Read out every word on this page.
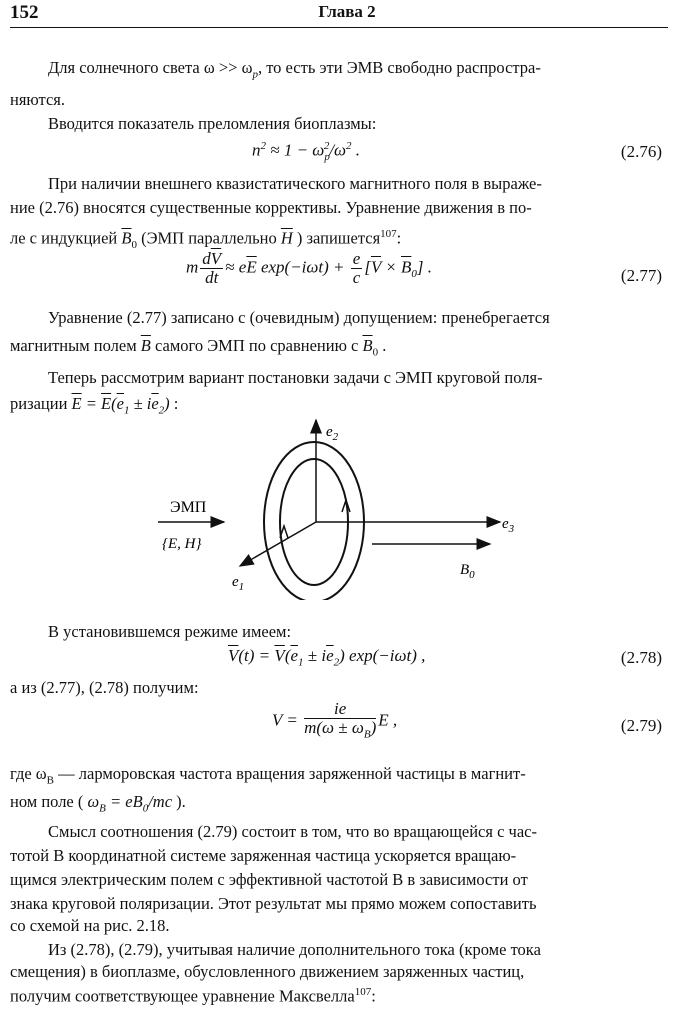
152	Глава 2
Для солнечного света $\omega >> \omega_p$, то есть эти ЭМВ свободно распростра-
няются.
Вводится показатель преломления биоплазмы:
$n^2 \approx 1 - \omega_p^2/\omega^2$ .	(2.76)
При наличии внешнего квазистатического магнитного поля в выраже-
ние (2.76) вносятся существенные коррективы. Уравнение движения в по-
ле с индукцией $\overline{B}_0$ (ЭМП параллельно $\overline{H}$ ) запишется$^{107}$:
m $\frac{d\overline{V}}{dt} \approx e\overline{E}$ $\exp(-i\omega t) + \frac{e}{c} [\overline{V} \times \overline{B}_0]$ .	(2.77)
Уравнение (2.77) записано с (очевидным) допущением: пренебрегается
магнитным полем $\overline{B}$ самого ЭМП по сравнению с $\overline{B}_0$ .
Теперь рассмотрим вариант постановки задачи с ЭМП круговой поля-
ризации $\overline{E} = \overline{E}(\overline{e}_1 \pm i\overline{e}_2)$ :
ЭМП
{E, H}
$e_2$
$e_3$
$e_1$
$B_0$
В установившемся режиме имеем:
$\overline{V}(t) = \overline{V}(\overline{e}_1 \pm i\overline{e}_2)$ exp(−iωt) ,	(2.78)
а из (2.77), (2.78) получим:
$V = \frac{ie}{m(\omega \pm \omega_B)}$ E ,	(2.79)
где $\omega_B$ — ларморовская частота вращения заряженной частицы в магнит-
ном поле ( $\omega_B = eB_0/mc$ ).
Смысл соотношения (2.79) состоит в том, что во вращающейся с час-
тотой B координатной системе заряженная частица ускоряется вращаю-
щимся электрическим полем с эффективной частотой B в зависимости от
знака круговой поляризации. Этот результат мы прямо можем сопоставить
со схемой на рис. 2.18.
Из (2.78), (2.79), учитывая наличие дополнительного тока (кроме тока
смещения) в биоплазме, обусловленного движением заряженных частиц,
получим соответствующее уравнение Максвелла$^{107}$:
